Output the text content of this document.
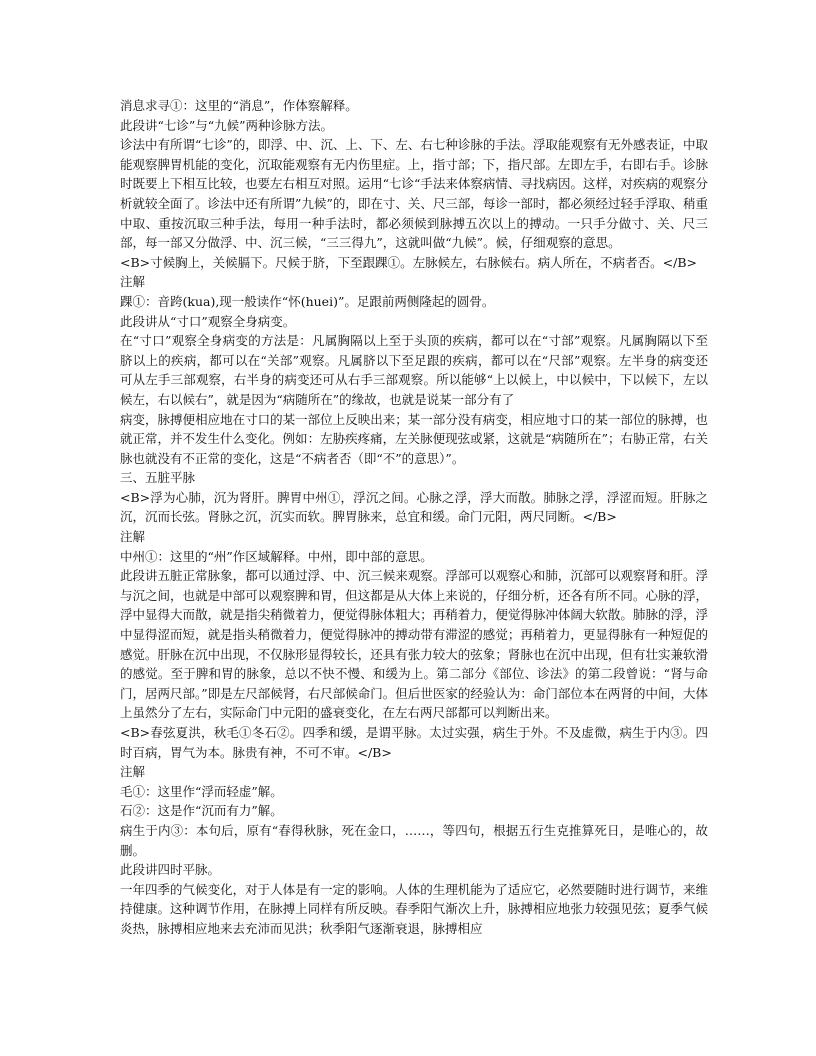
消息求寻①：这里的“消息”，作体察解释。

此段讲“七诊”与“九候”两种诊脉方法。

诊法中有所谓“七诊”的，即浮、中、沉、上、下、左、右七种诊脉的手法。浮取能观察有无外感表证，中取能观察脾胃机能的变化，沉取能观察有无内伤里症。上，指寸部；下，指尺部。左即左手，右即右手。诊脉时既要上下相互比较，也要左右相互对照。运用“七诊“手法来体察病情、寻找病因。这样，对疾病的观察分析就较全面了。诊法中还有所谓”九候”的，即在寸、关、尺三部，每诊一部时，都必须经过轻手浮取、稍重中取、重按沉取三种手法，每用一种手法时，都必须候到脉搏五次以上的搏动。一只手分做寸、关、尺三部，每一部又分做浮、中、沉三候，“三三得九”，这就叫做“九候”。候，仔细观察的意思。

<B>寸候胸上，关候膈下。尺候于脐，下至跟踝①。左脉候左，右脉候右。病人所在，不病者否。</B>

注解

踝①：音跨(kua),现一般读作“怀(huei)”。足跟前两侧隆起的圆骨。

此段讲从“寸口”观察全身病变。

在“寸口”观察全身病变的方法是：凡属胸隔以上至于头顶的疾病，都可以在“寸部”观察。凡属胸隔以下至脐以上的疾病，都可以在“关部”观察。凡属脐以下至足跟的疾病，都可以在“尺部”观察。左半身的病变还可从左手三部观察，右半身的病变还可从右手三部观察。所以能够“上以候上，中以候中，下以候下，左以候左，右以候右”，就是因为“病随所在”的缘故，也就是说某一部分有了

病变，脉搏便相应地在寸口的某一部位上反映出来；某一部分没有病变，相应地寸口的某一部位的脉搏，也就正常，并不发生什么变化。例如：左胁疾疼痛，左关脉便现弦或紧，这就是“病随所在”；右胁正常，右关脉也就没有不正常的变化，这是“不病者否（即“不”的意思）”。

三、五脏平脉

<B>浮为心肺，沉为肾肝。脾胃中州①，浮沉之间。心脉之浮，浮大而散。肺脉之浮，浮涩而短。肝脉之沉，沉而长弦。肾脉之沉，沉实而软。脾胃脉来，总宜和缓。命门元阳，两尺同断。</B>

注解

中州①：这里的“州”作区域解释。中州，即中部的意思。

此段讲五脏正常脉象，都可以通过浮、中、沉三候来观察。浮部可以观察心和肺，沉部可以观察肾和肝。浮与沉之间，也就是中部可以观察脾和胃，但这都是从大体上来说的，仔细分析，还各有所不同。心脉的浮，浮中显得大而散，就是指尖稍微着力，便觉得脉体粗大；再稍着力，便觉得脉冲体阔大软散。肺脉的浮，浮中显得涩而短，就是指头稍微着力，便觉得脉冲的搏动带有滞涩的感觉；再稍着力，更显得脉有一种短促的感觉。肝脉在沉中出现，不仅脉形显得较长，还具有张力较大的弦象；肾脉也在沉中出现，但有壮实兼软滑的感觉。至于脾和胃的脉象，总以不快不慢、和缓为上。第二部分《部位、诊法》的第二段曾说：“肾与命门，居两尺部。”即是左尺部候肾，右尺部候命门。但后世医家的经验认为：命门部位本在两肾的中间，大体上虽然分了左右，实际命门中元阳的盛衰变化，在左右两尺部都可以判断出来。

<B>春弦夏洪，秋毛①冬石②。四季和缓，是谓平脉。太过实强，病生于外。不及虚微，病生于内③。四时百病，胃气为本。脉贵有神，不可不审。</B>

注解

毛①：这里作“浮而轻虚”解。

石②：这是作“沉而有力”解。

病生于内③：本句后，原有“春得秋脉，死在金口，……，等四句，根据五行生克推算死日，是唯心的，故删。

此段讲四时平脉。

一年四季的气候变化，对于人体是有一定的影响。人体的生理机能为了适应它，必然要随时进行调节，来维持健康。这种调节作用，在脉搏上同样有所反映。春季阳气渐次上升，脉搏相应地张力较强见弦；夏季气候炎热，脉搏相应地来去充沛而见洪；秋季阳气逐渐衰退，脉搏相应
